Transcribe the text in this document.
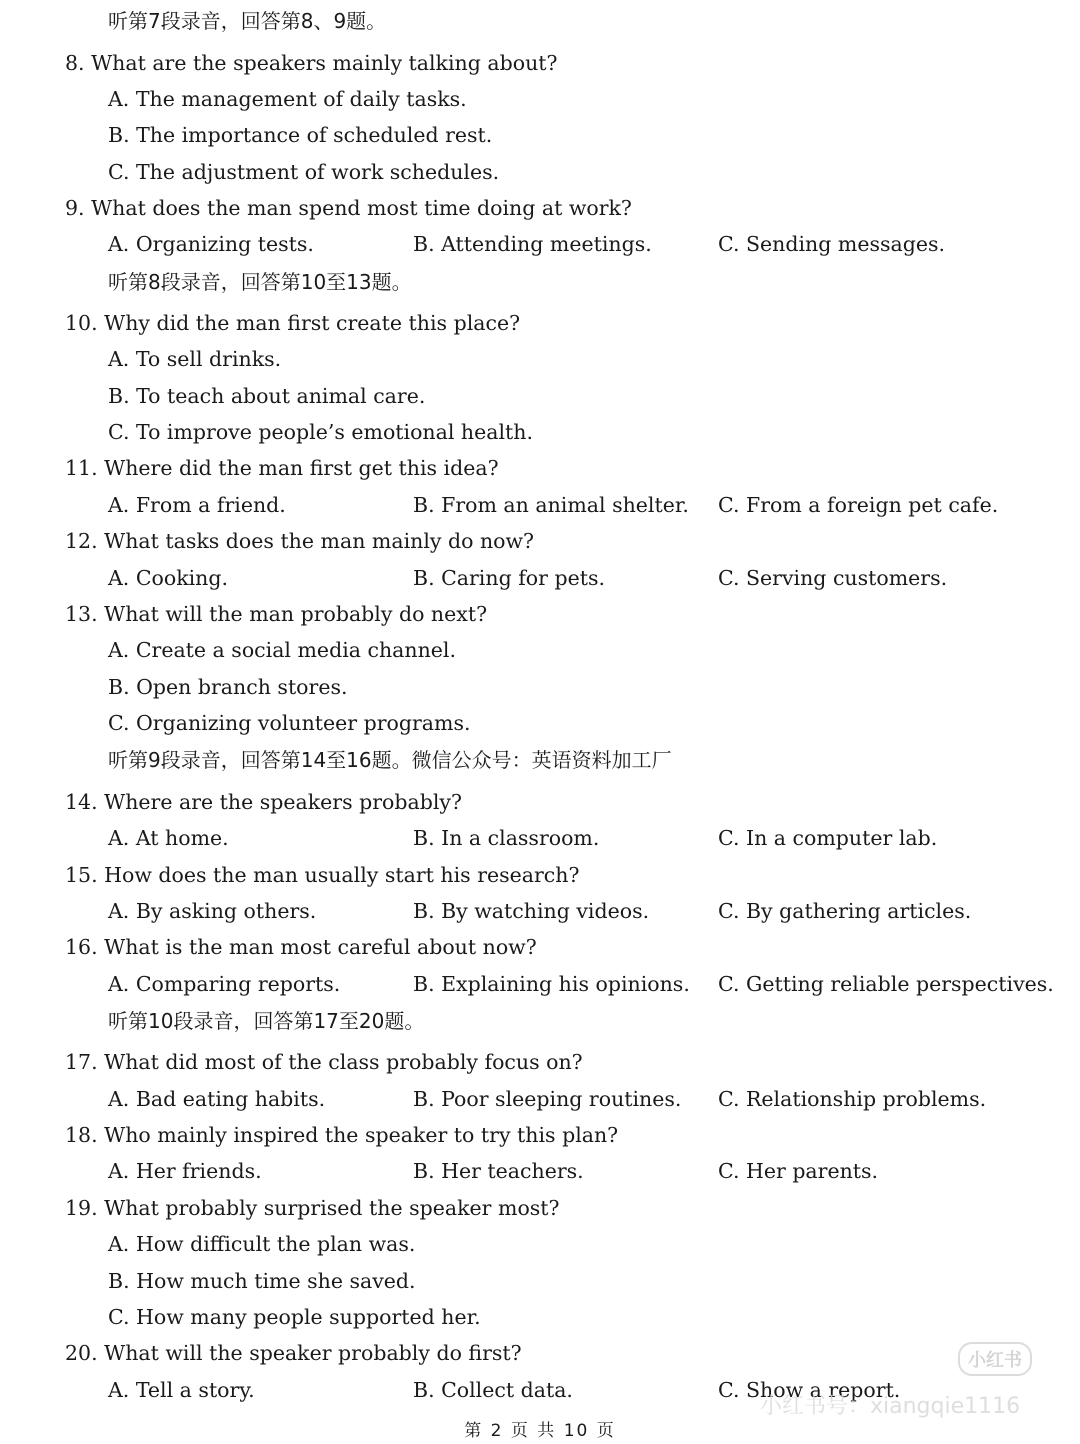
听第7段录音，回答第8、9题。
8. What are the speakers mainly talking about?
A. The management of daily tasks.
B. The importance of scheduled rest.
C. The adjustment of work schedules.
9. What does the man spend most time doing at work?
A. Organizing tests.	B. Attending meetings.	C. Sending messages.
听第8段录音，回答第10至13题。
10. Why did the man first create this place?
A. To sell drinks.
B. To teach about animal care.
C. To improve people’s emotional health.
11. Where did the man first get this idea?
A. From a friend.	B. From an animal shelter. C. From a foreign pet cafe.
12. What tasks does the man mainly do now?
A. Cooking.	B. Caring for pets.	C. Serving customers.
13. What will the man probably do next?
A. Create a social media channel.
B. Open branch stores.
C. Organizing volunteer programs.
听第9段录音，回答第14至16题。微信公众号：英语资料加工厂
14. Where are the speakers probably?
A. At home.	B. In a classroom.	C. In a computer lab.
15. How does the man usually start his research?
A. By asking others.	B. By watching videos.	C. By gathering articles.
16. What is the man most careful about now?
A. Comparing reports.	B. Explaining his opinions. C. Getting reliable perspectives.
听第10段录音，回答第17至20题。
17. What did most of the class probably focus on?
A. Bad eating habits.	B. Poor sleeping routines. C. Relationship problems.
18. Who mainly inspired the speaker to try this plan?
A. Her friends.	B. Her teachers.	C. Her parents.
19. What probably surprised the speaker most?
A. How difficult the plan was.
B. How much time she saved.
C. How many people supported her.
20. What will the speaker probably do first?
A. Tell a story.	B. Collect data.	C. Show a report.
第 2 页 共 10 页
小红书
小红书号：xiangqie1116
